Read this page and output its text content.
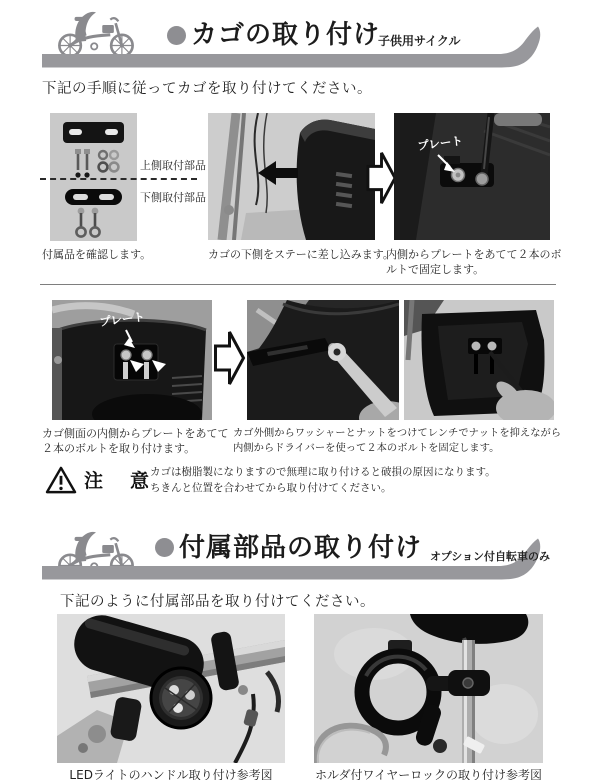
カゴの取り付け
子供用サイクル
下記の手順に従ってカゴを取り付けてください。
上側取付部品
下側取付部品
付属品を確認します。	カゴの下側をステーに差し込みます。
プレート
内側からプレートをあてて２本のボ
ルトで固定します。
プレート
カゴ側面の内側からプレートをあてて
２本のボルトを取り付けます。
カゴ外側からワッシャーとナットをつけてレンチでナットを抑えながら
内側からドライバーを使って２本のボルトを固定します。
注　意
カゴは樹脂製になりますので無理に取り付けると破損の原因になります。
ちきんと位置を合わせてから取り付けてください。
付属部品の取り付け オプション付自転車のみ
下記のように付属部品を取り付けてください。
LEDライトのハンドル取り付け参考図	ホルダ付ワイヤーロックの取り付け参考図
